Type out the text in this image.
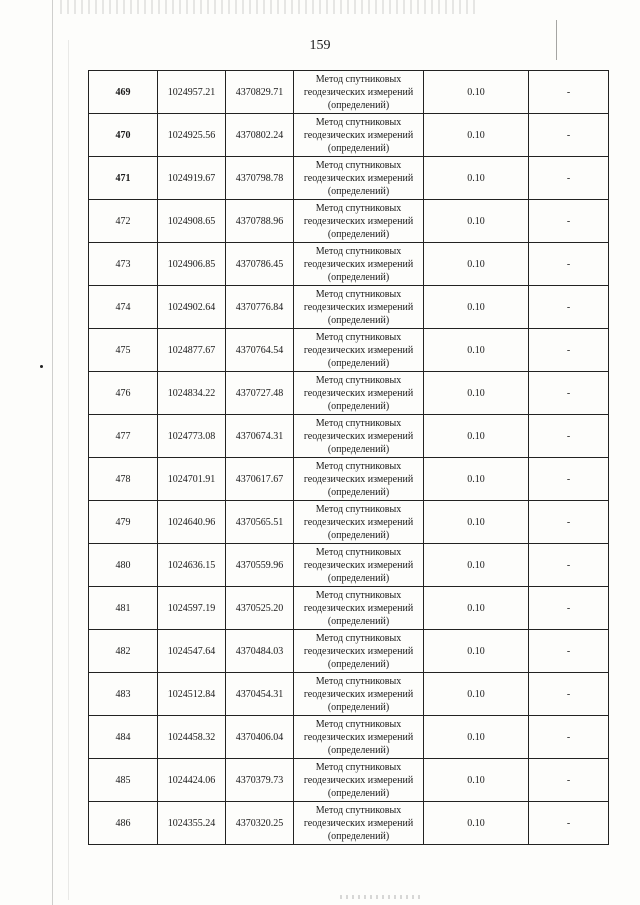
159
469	1024957.21	4370829.71	Метод спутниковых
геодезических измерений
(определений)	0.10	-
470	1024925.56	4370802.24	Метод спутниковых
геодезических измерений
(определений)	0.10	-
471	1024919.67	4370798.78	Метод спутниковых
геодезических измерений
(определений)	0.10	-
472	1024908.65	4370788.96	Метод спутниковых
геодезических измерений
(определений)	0.10	-
473	1024906.85	4370786.45	Метод спутниковых
геодезических измерений
(определений)	0.10	-
474	1024902.64	4370776.84	Метод спутниковых
геодезических измерений
(определений)	0.10	-
475	1024877.67	4370764.54	Метод спутниковых
геодезических измерений
(определений)	0.10	-
476	1024834.22	4370727.48	Метод спутниковых
геодезических измерений
(определений)	0.10	-
477	1024773.08	4370674.31	Метод спутниковых
геодезических измерений
(определений)	0.10	-
478	1024701.91	4370617.67	Метод спутниковых
геодезических измерений
(определений)	0.10	-
479	1024640.96	4370565.51	Метод спутниковых
геодезических измерений
(определений)	0.10	-
480	1024636.15	4370559.96	Метод спутниковых
геодезических измерений
(определений)	0.10	-
481	1024597.19	4370525.20	Метод спутниковых
геодезических измерений
(определений)	0.10	-
482	1024547.64	4370484.03	Метод спутниковых
геодезических измерений
(определений)	0.10	-
483	1024512.84	4370454.31	Метод спутниковых
геодезических измерений
(определений)	0.10	-
484	1024458.32	4370406.04	Метод спутниковых
геодезических измерений
(определений)	0.10	-
485	1024424.06	4370379.73	Метод спутниковых
геодезических измерений
(определений)	0.10	-
486	1024355.24	4370320.25	Метод спутниковых
геодезических измерений
(определений)	0.10	-
